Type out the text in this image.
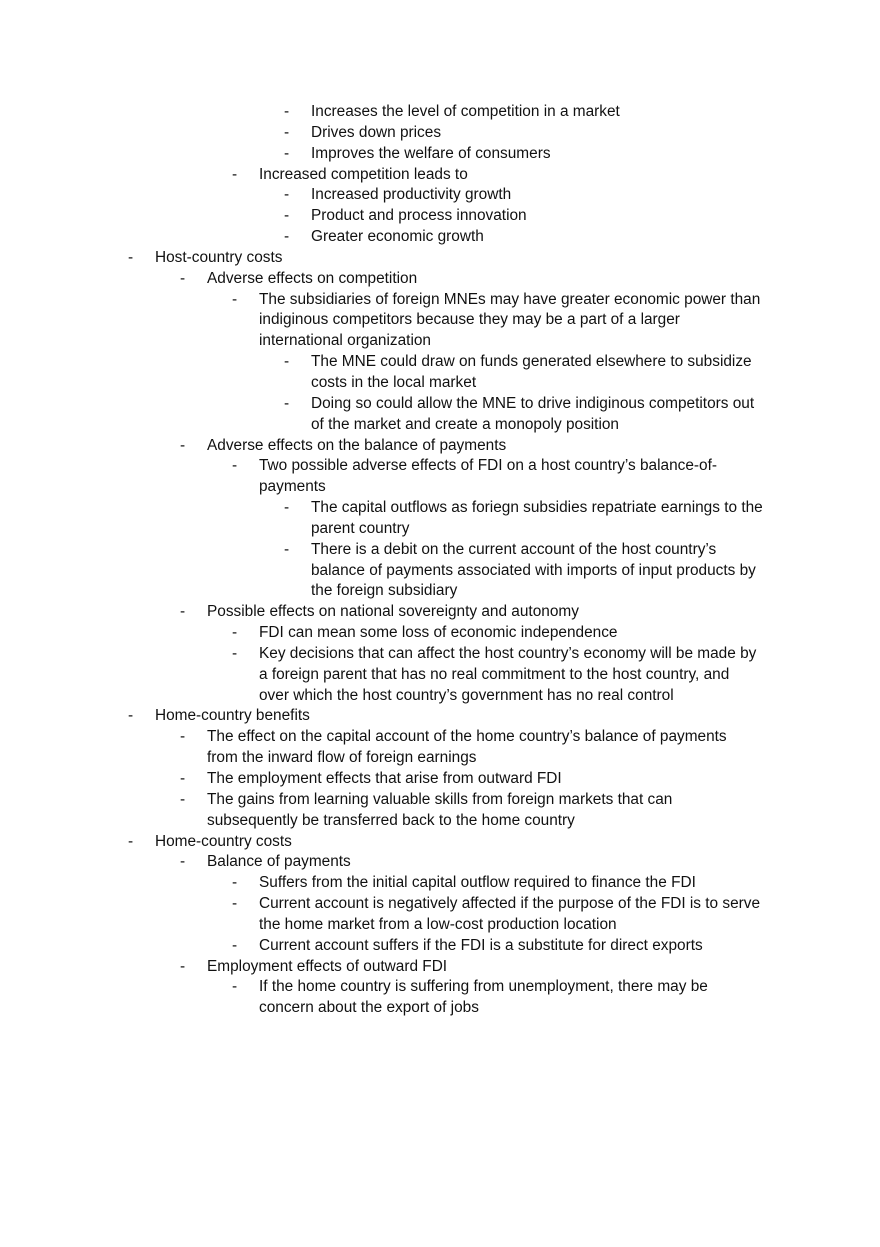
- Increases the level of competition in a market
- Drives down prices
- Improves the welfare of consumers
- Increased competition leads to
- Increased productivity growth
- Product and process innovation
- Greater economic growth
- Host-country costs
- Adverse effects on competition
- The subsidiaries of foreign MNEs may have greater economic power than
indiginous competitors because they may be a part of a larger
international organization
- The MNE could draw on funds generated elsewhere to subsidize
costs in the local market
- Doing so could allow the MNE to drive indiginous competitors out
of the market and create a monopoly position
- Adverse effects on the balance of payments
- Two possible adverse effects of FDI on a host country’s balance-of-
payments
- The capital outflows as foriegn subsidies repatriate earnings to the
parent country
- There is a debit on the current account of the host country’s
balance of payments associated with imports of input products by
the foreign subsidiary
- Possible effects on national sovereignty and autonomy
- FDI can mean some loss of economic independence
- Key decisions that can affect the host country’s economy will be made by
a foreign parent that has no real commitment to the host country, and
over which the host country’s government has no real control
- Home-country benefits
- The effect on the capital account of the home country’s balance of payments
from the inward flow of foreign earnings
- The employment effects that arise from outward FDI
- The gains from learning valuable skills from foreign markets that can
subsequently be transferred back to the home country
- Home-country costs
- Balance of payments
- Suffers from the initial capital outflow required to finance the FDI
- Current account is negatively affected if the purpose of the FDI is to serve
the home market from a low-cost production location
- Current account suffers if the FDI is a substitute for direct exports
- Employment effects of outward FDI
- If the home country is suffering from unemployment, there may be
concern about the export of jobs
